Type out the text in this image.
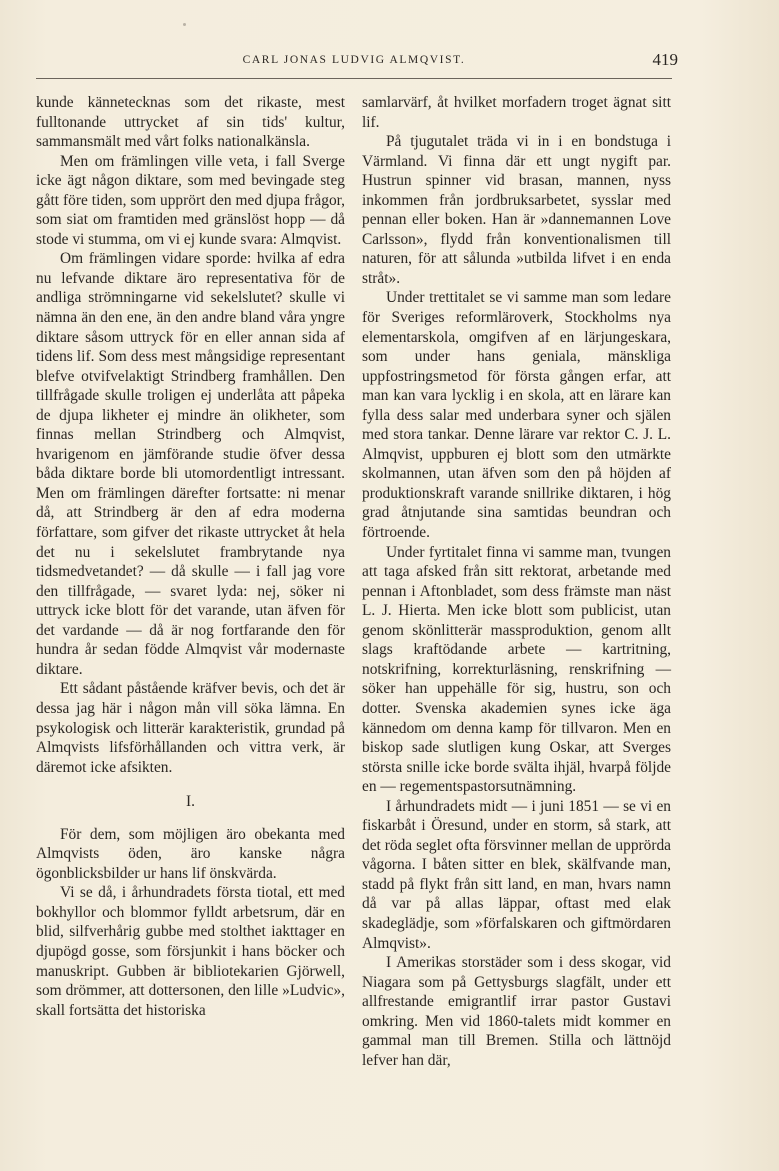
CARL JONAS LUDVIG ALMQVIST.	419

kunde kännetecknas som det rikaste, mest fulltonande uttrycket af sin tids' kultur, sammansmält med vårt folks nationalkänsla.

Men om främlingen ville veta, i fall Sverge icke ägt någon diktare, som med bevingade steg gått före tiden, som upprört den med djupa frågor, som siat om framtiden med gränslöst hopp — då stode vi stumma, om vi ej kunde svara: Almqvist.

Om främlingen vidare sporde: hvilka af edra nu lefvande diktare äro representativa för de andliga strömningarne vid sekelslutet? skulle vi nämna än den ene, än den andre bland våra yngre diktare såsom uttryck för en eller annan sida af tidens lif. Som dess mest mångsidige representant blefve otvifvelaktigt Strindberg framhållen. Den tillfrågade skulle troligen ej underlåta att påpeka de djupa likheter ej mindre än olikheter, som finnas mellan Strindberg och Almqvist, hvarigenom en jämförande studie öfver dessa båda diktare borde bli utomordentligt intressant. Men om främlingen därefter fortsatte: ni menar då, att Strindberg är den af edra moderna författare, som gifver det rikaste uttrycket åt hela det nu i sekelslutet frambrytande nya tidsmedvetandet? — då skulle — i fall jag vore den tillfrågade, — svaret lyda: nej, söker ni uttryck icke blott för det varande, utan äfven för det vardande — då är nog fortfarande den för hundra år sedan födde Almqvist vår modernaste diktare.

Ett sådant påstående kräfver bevis, och det är dessa jag här i någon mån vill söka lämna. En psykologisk och litterär karakteristik, grundad på Almqvists lifsförhållanden och vittra verk, är däremot icke afsikten.

I.

För dem, som möjligen äro obekanta med Almqvists öden, äro kanske några ögonblicksbilder ur hans lif önskvärda.

Vi se då, i århundradets första tiotal, ett med bokhyllor och blommor fylldt arbetsrum, där en blid, silfverhårig gubbe med stolthet iakttager en djupögd gosse, som försjunkit i hans böcker och manuskript. Gubben är bibliotekarien Gjörwell, som drömmer, att dottersonen, den lille »Ludvic», skall fortsätta det historiska

samlarvärf, åt hvilket morfadern troget ägnat sitt lif.

På tjugutalet träda vi in i en bondstuga i Värmland. Vi finna där ett ungt nygift par. Hustrun spinner vid brasan, mannen, nyss inkommen från jordbruksarbetet, sysslar med pennan eller boken. Han är »dannemannen Love Carlsson», flydd från konventionalismen till naturen, för att sålunda »utbilda lifvet i en enda stråt».

Under trettitalet se vi samme man som ledare för Sveriges reformläroverk, Stockholms nya elementarskola, omgifven af en lärjungeskara, som under hans geniala, mänskliga uppfostringsmetod för första gången erfar, att man kan vara lycklig i en skola, att en lärare kan fylla dess salar med underbara syner och själen med stora tankar. Denne lärare var rektor C. J. L. Almqvist, uppburen ej blott som den utmärkte skolmannen, utan äfven som den på höjden af produktionskraft varande snillrike diktaren, i hög grad åtnjutande sina samtidas beundran och förtroende.

Under fyrtitalet finna vi samme man, tvungen att taga afsked från sitt rektorat, arbetande med pennan i Aftonbladet, som dess främste man näst L. J. Hierta. Men icke blott som publicist, utan genom skönlitterär massproduktion, genom allt slags kraftödande arbete — kartritning, notskrifning, korrekturläsning, renskrifning — söker han uppehälle för sig, hustru, son och dotter. Svenska akademien synes icke äga kännedom om denna kamp för tillvaron. Men en biskop sade slutligen kung Oskar, att Sverges största snille icke borde svälta ihjäl, hvarpå följde en — regementspastorsutnämning.

I århundradets midt — i juni 1851 — se vi en fiskarbåt i Öresund, under en storm, så stark, att det röda seglet ofta försvinner mellan de upprörda vågorna. I båten sitter en blek, skälfvande man, stadd på flykt från sitt land, en man, hvars namn då var på allas läppar, oftast med elak skadeglädje, som »förfalskaren och giftmördaren Almqvist».

I Amerikas storstäder som i dess skogar, vid Niagara som på Gettysburgs slagfält, under ett allfrestande emigrantlif irrar pastor Gustavi omkring. Men vid 1860-talets midt kommer en gammal man till Bremen. Stilla och lättnöjd lefver han där,
